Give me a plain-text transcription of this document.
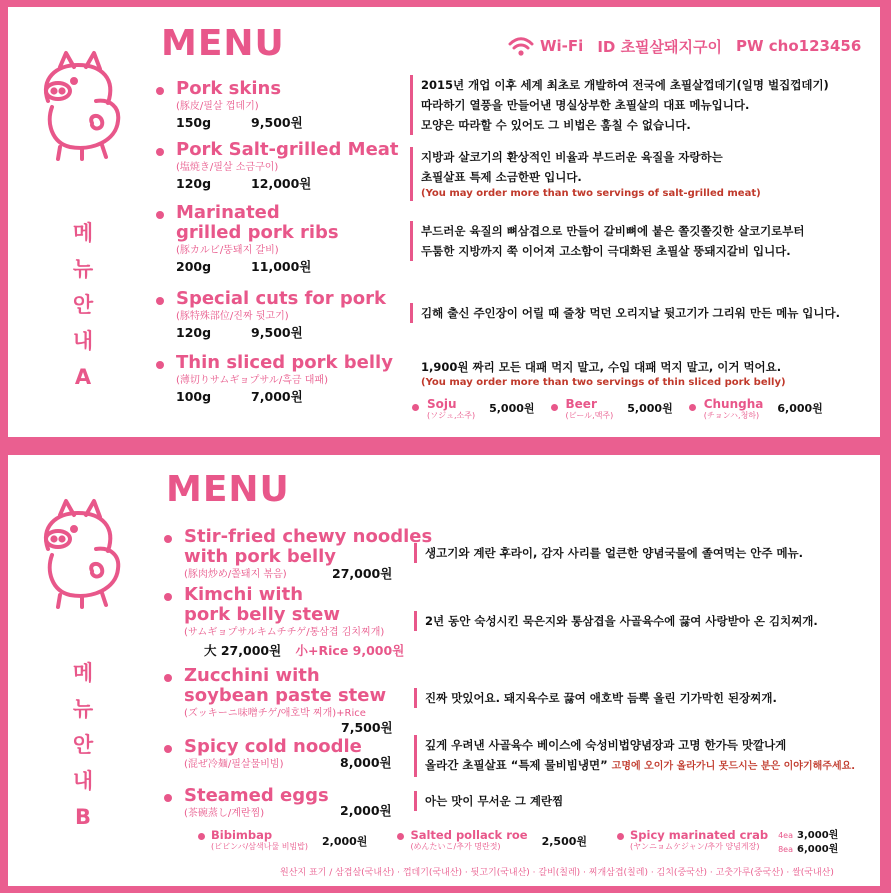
메
뉴
안
내
A
MENU	Wi-Fi ID 초필살돼지구이 PW cho123456
Pork skins
(豚皮/필살 껍데기)
150g	9,500원
2015년 개업 이후 세계 최초로 개발하여 전국에 초필살껍데기(일명 벌집껍데기)
따라하기 열풍을 만들어낸 명실상부한 초필살의 대표 메뉴입니다.
모양은 따라할 수 있어도 그 비법은 훔칠 수 없습니다.
Pork Salt-grilled Meat
(塩焼き/필살 소금구이)
120g	12,000원
지방과 살코기의 환상적인 비율과 부드러운 육질을 자랑하는
초필살표 특제 소금한판 입니다.
(You may order more than two servings of salt-grilled meat)
Marinated
grilled pork ribs
(豚カルビ/뚱돼지 갈비)
200g	11,000원
부드러운 육질의 뼈삼겹으로 만들어 갈비뼈에 붙은 쫄깃쫄깃한 살코기로부터
두툼한 지방까지 쭉 이어져 고소함이 극대화된 초필살 뚱돼지갈비 입니다.
Special cuts for pork
(豚特殊部位/진짜 뒷고기)
120g	9,500원
김해 출신 주인장이 어릴 때 줄창 먹던 오리지날 뒷고기가 그리워 만든 메뉴 입니다.
Thin sliced pork belly
(薄切りサムギョプサル/흑금 대패)
100g	7,000원
1,900원 짜리 모든 대패 먹지 말고, 수입 대패 먹지 말고, 이거 먹어요.
(You may order more than two servings of thin sliced pork belly)
Soju
(ソジュ,소주)
5,000원	Beer
(ビール,맥주)
5,000원	Chungha
(チョンハ,청하)
6,000원
메
뉴
안
내
B
MENU
Stir-fried chewy noodles
with pork belly
(豚肉炒め/쫄돼지 볶음)	27,000원
생고기와 계란 후라이, 감자 사리를 얼큰한 양념국물에 졸여먹는 안주 메뉴.
Kimchi with
pork belly stew
(サムギョプサルキムチチゲ/통삼겹 김치찌개)
大 27,000원 小+Rice 9,000원
2년 동안 숙성시킨 묵은지와 통삼겹을 사골육수에 끓여 사랑받아 온 김치찌개.
Zucchini with
soybean paste stew
(ズッキーニ味噌チゲ/애호박 찌개)+Rice
7,500원
진짜 맛있어요. 돼지육수로 끓여 애호박 듬뿍 올린 기가막힌 된장찌개.
Spicy cold noodle
(混ぜ冷麺/필살물비빔)	8,000원
깊게 우려낸 사골육수 베이스에 숙성비법양념장과 고명 한가득 맛깔나게
올라간 초필살표 “특제 물비빔냉면” 고명에 오이가 올라가니 못드시는 분은 이야기해주세요.
Steamed eggs
(茶碗蒸し/계란찜)	2,000원
아는 맛이 무서운 그 계란찜
Bibimbap
(ビビンバ/삼색나물 비빔밥) 2,000원	Salted pollack roe
(めんたいこ/추가 명란젓)	2,500원	Spicy marinated crab
(ヤンニョムケジャン/추가 양념게장)
4ea 3,000원
8ea 6,000원
원산지 표기 / 삼겹살(국내산) · 껍데기(국내산) · 뒷고기(국내산) · 갈비(칠레) · 찌개삼겹(칠레) · 김치(중국산) · 고춧가루(중국산) · 쌀(국내산)
